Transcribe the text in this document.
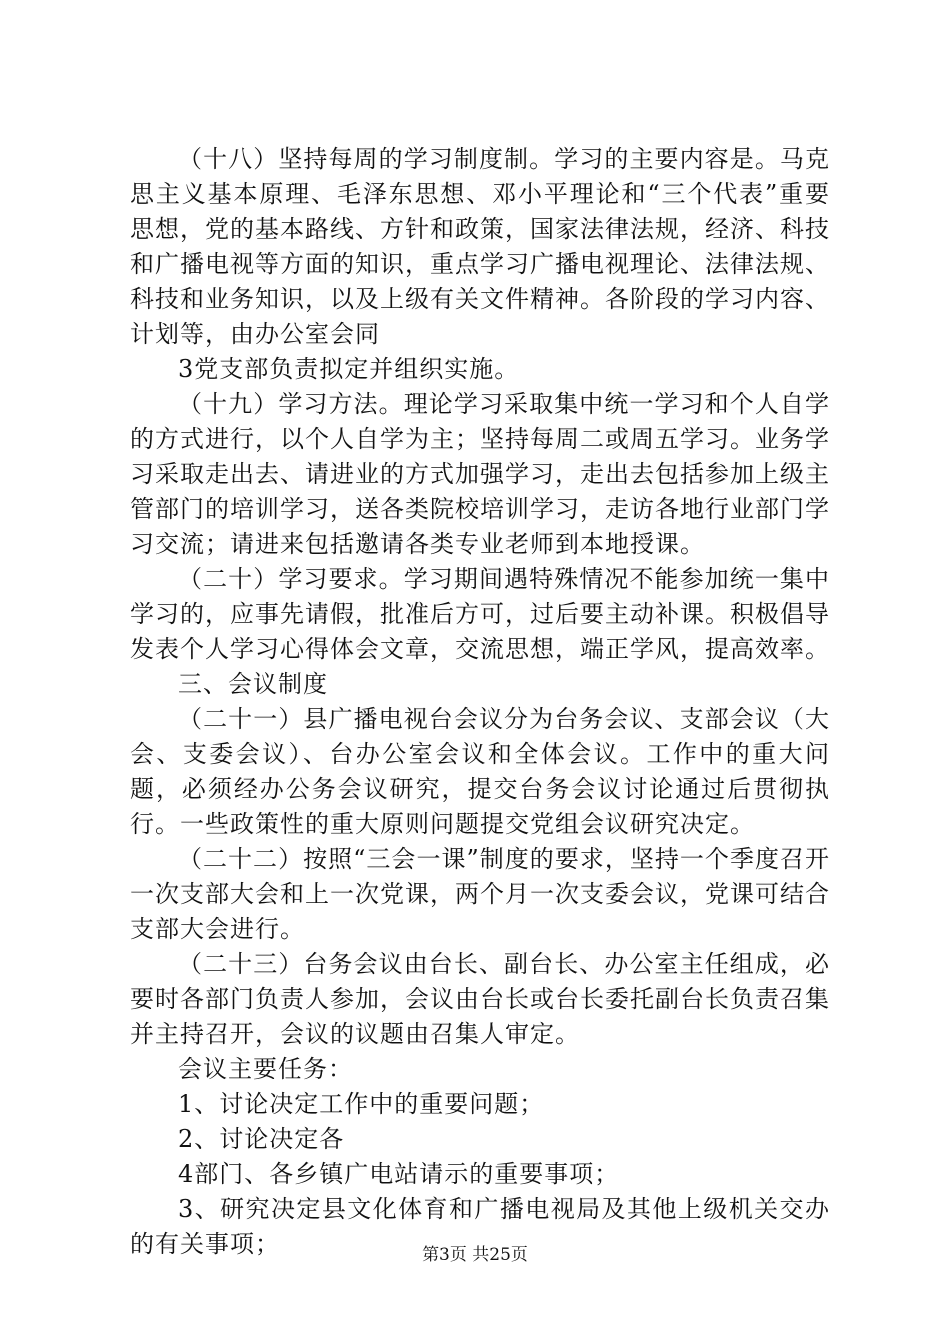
（十八）坚持每周的学习制度制。学习的主要内容是。马克思主义基本原理、毛泽东思想、邓小平理论和“三个代表”重要思想，党的基本路线、方针和政策，国家法律法规，经济、科技和广播电视等方面的知识，重点学习广播电视理论、法律法规、科技和业务知识，以及上级有关文件精神。各阶段的学习内容、计划等，由办公室会同

3党支部负责拟定并组织实施。

（十九）学习方法。理论学习采取集中统一学习和个人自学的方式进行，以个人自学为主；坚持每周二或周五学习。业务学习采取走出去、请进业的方式加强学习，走出去包括参加上级主管部门的培训学习，送各类院校培训学习，走访各地行业部门学习交流；请进来包括邀请各类专业老师到本地授课。

（二十）学习要求。学习期间遇特殊情况不能参加统一集中学习的，应事先请假，批准后方可，过后要主动补课。积极倡导发表个人学习心得体会文章，交流思想，端正学风，提高效率。

三、会议制度

（二十一）县广播电视台会议分为台务会议、支部会议（大会、支委会议）、台办公室会议和全体会议。工作中的重大问题，必须经办公务会议研究，提交台务会议讨论通过后贯彻执行。一些政策性的重大原则问题提交党组会议研究决定。

（二十二）按照“三会一课”制度的要求，坚持一个季度召开一次支部大会和上一次党课，两个月一次支委会议，党课可结合支部大会进行。

（二十三）台务会议由台长、副台长、办公室主任组成，必要时各部门负责人参加，会议由台长或台长委托副台长负责召集并主持召开，会议的议题由召集人审定。

会议主要任务：

1、讨论决定工作中的重要问题；

2、讨论决定各

4部门、各乡镇广电站请示的重要事项；

3、研究决定县文化体育和广播电视局及其他上级机关交办的有关事项；	第3页 共25页
